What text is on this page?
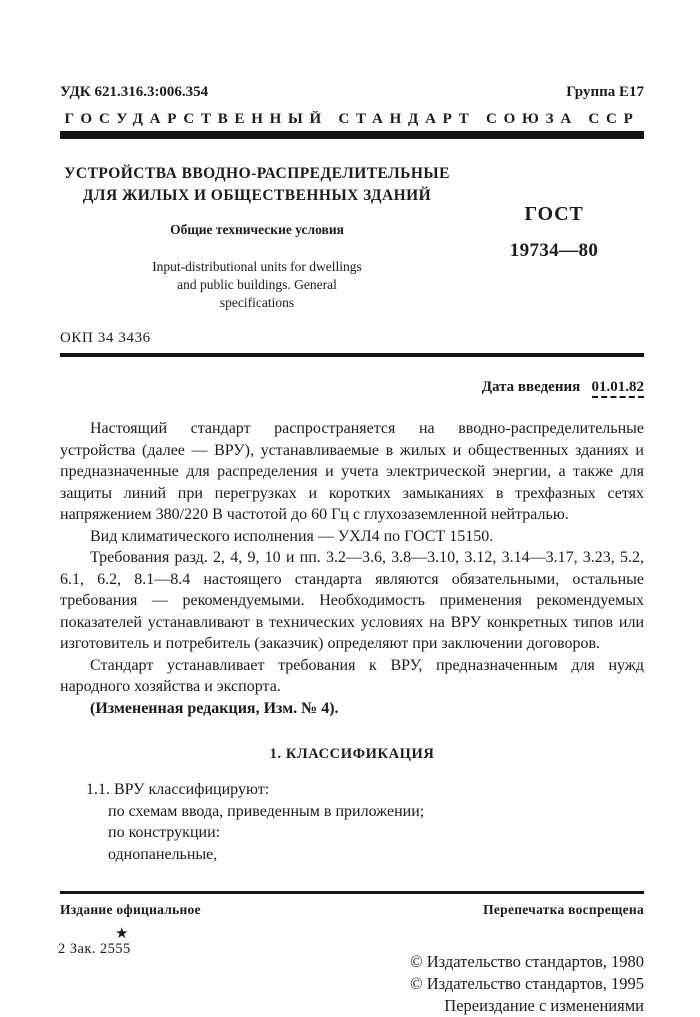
УДК 621.316.3:006.354	Группа Е17
ГОСУДАРСТВЕННЫЙ СТАНДАРТ СОЮЗА ССР
УСТРОЙСТВА ВВОДНО-РАСПРЕДЕЛИТЕЛЬНЫЕ
ДЛЯ ЖИЛЫХ И ОБЩЕСТВЕННЫХ ЗДАНИЙ
Общие технические условия
Input-distributional units for dwellings
and public buildings. General
specifications
ГОСТ
19734—80
ОКП 34 3436
Дата введения 01.01.82

Настоящий стандарт распространяется на вводно-распределительные устройства (далее — ВРУ), устанавливаемые в жилых и общественных зданиях и предназначенные для распределения и учета электрической энергии, а также для защиты линий при перегрузках и коротких замыканиях в трехфазных сетях напряжением 380/220 В частотой до 60 Гц с глухозаземленной нейтралью.

Вид климатического исполнения — УХЛ4 по ГОСТ 15150.

Требования разд. 2, 4, 9, 10 и пп. 3.2—3.6, 3.8—3.10, 3.12, 3.14—3.17, 3.23, 5.2, 6.1, 6.2, 8.1—8.4 настоящего стандарта являются обязательными, остальные требования — рекомендуемыми. Необходимость применения рекомендуемых показателей устанавливают в технических условиях на ВРУ конкретных типов или изготовитель и потребитель (заказчик) определяют при заключении договоров.

Стандарт устанавливает требования к ВРУ, предназначенным для нужд народного хозяйства и экспорта.

(Измененная редакция, Изм. № 4).

1. КЛАССИФИКАЦИЯ
1.1. ВРУ классифицируют:
по схемам ввода, приведенным в приложении;
по конструкции:
однопанельные,
Издание официальное	Перепечатка воспрещена
★
© Издательство стандартов, 1980
© Издательство стандартов, 1995
Переиздание с изменениями
2 Зак. 2555
